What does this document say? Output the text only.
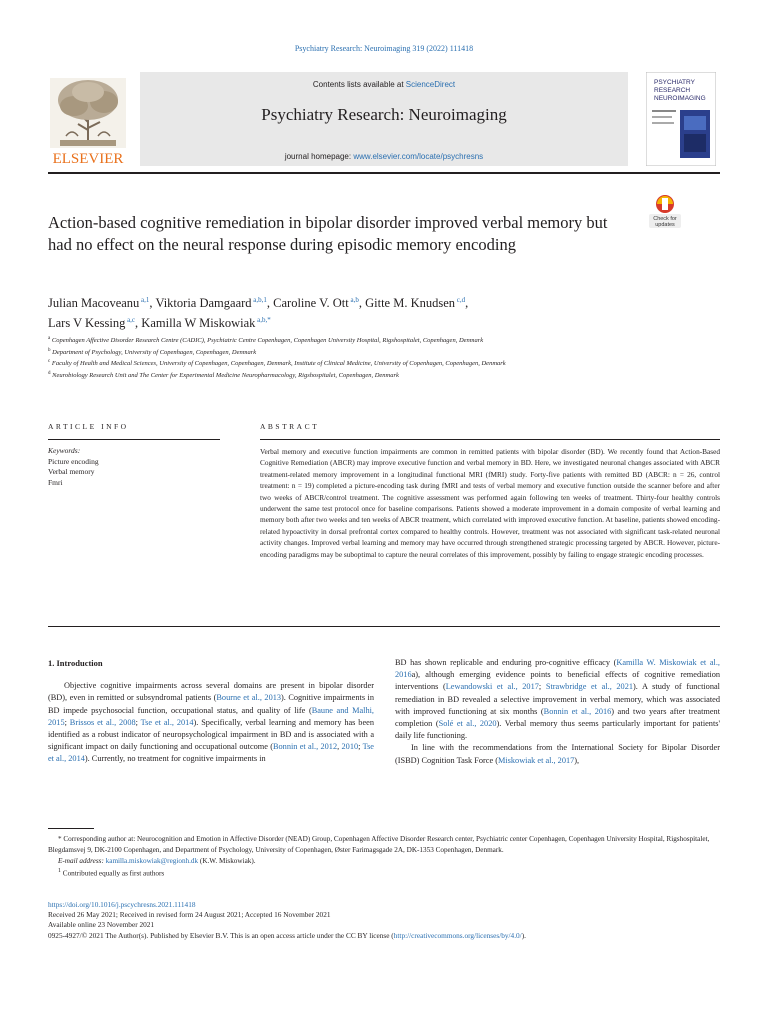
Psychiatry Research: Neuroimaging 319 (2022) 111418
ELSEVIER
Contents lists available at ScienceDirect
Psychiatry Research: Neuroimaging
journal homepage: www.elsevier.com/locate/psychresns
PSYCHIATRY
RESEARCH
NEUROIMAGING
Check for
updates
Action-based cognitive remediation in bipolar disorder improved verbal memory but had no effect on the neural response during episodic memory encoding
Julian Macoveanu $^{a,1}$, Viktoria Damgaard $^{a,b,1}$, Caroline V. Ott $^{a,b}$, Gitte M. Knudsen $^{c,d}$,
Lars V Kessing $^{a,c}$, Kamilla W Miskowiak $^{a,b,*}$
$^a$ Copenhagen Affective Disorder Research Centre (CADIC), Psychiatric Centre Copenhagen, Copenhagen University Hospital, Rigshospitalet, Copenhagen, Denmark
$^b$ Department of Psychology, University of Copenhagen, Copenhagen, Denmark
$^c$ Faculty of Health and Medical Sciences, University of Copenhagen, Copenhagen, Denmark, Institute of Clinical Medicine, University of Copenhagen, Copenhagen, Denmark
$^d$ Neurobiology Research Unit and The Center for Experimental Medicine Neuropharmacology, Rigshospitalet, Copenhagen, Denmark
ARTICLE INFO	ABSTRACT
Keywords:
Picture encoding
Verbal memory
Fmri
Verbal memory and executive function impairments are common in remitted patients with bipolar disorder (BD). We recently found that Action-Based Cognitive Remediation (ABCR) may improve executive function and verbal memory in BD. Here, we investigated neuronal changes associated with ABCR treatment-related memory improvement in a longitudinal functional MRI (fMRI) study. Forty-five patients with remitted BD (ABCR: n = 26, control treatment: n = 19) completed a picture-encoding task during fMRI and tests of verbal memory and executive function outside the scanner before and after two weeks of ABCR/control treatment. The cognitive assessment was performed again following ten weeks of treatment. Thirty-four healthy controls underwent the same test protocol once for baseline comparisons. Patients showed a moderate improvement in a domain composite of verbal learning and memory both after two weeks and ten weeks of ABCR treatment, which correlated with improved executive function. At baseline, patients showed encoding-related hypoactivity in dorsal prefrontal cortex compared to healthy controls. However, treatment was not associated with significant task-related neuronal activity changes. Improved verbal learning and memory may have occurred through strengthened strategic processing targeted by ABCR. However, picture-encoding paradigms may be suboptimal to capture the neural correlates of this improvement, possibly by failing to engage strategic encoding processes.
1. Introduction

Objective cognitive impairments across several domains are present in bipolar disorder (BD), even in remitted or subsyndromal patients (Bourne et al., 2013). Cognitive impairments in BD impede psychosocial function, occupational status, and quality of life (Baune and Malhi, 2015; Brissos et al., 2008; Tse et al., 2014). Specifically, verbal learning and memory has been identified as a robust indicator of neuropsychological impairment in BD and is associated with a significant impact on daily functioning and occupational outcome (Bonnin et al., 2012, 2010; Tse et al., 2014). Currently, no treatment for cognitive impairments in

BD has shown replicable and enduring pro-cognitive efficacy (Kamilla W. Miskowiak et al., 2016a), although emerging evidence points to beneficial effects of cognitive remediation interventions (Lewandowski et al., 2017; Strawbridge et al., 2021). A study of functional remediation in BD revealed a selective improvement in verbal memory, which was associated with improved functioning at six months (Bonnin et al., 2016) and two years after treatment completion (Solé et al., 2020). Verbal memory thus seems particularly important for patients' daily life functioning.

In line with the recommendations from the International Society for Bipolar Disorder (ISBD) Cognition Task Force (Miskowiak et al., 2017),

* Corresponding author at: Neurocognition and Emotion in Affective Disorder (NEAD) Group, Copenhagen Affective Disorder Research center, Psychiatric center Copenhagen, Copenhagen University Hospital, Rigshospitalet, Blegdamsvej 9, DK-2100 Copenhagen, and Department of Psychology, University of Copenhagen, Øster Farimagsgade 2A, DK-1353 Copenhagen, Denmark.

E-mail address: kamilla.miskowiak@regionh.dk (K.W. Miskowiak).

$^1$ Contributed equally as first authors

https://doi.org/10.1016/j.pscychresns.2021.111418
Received 26 May 2021; Received in revised form 24 August 2021; Accepted 16 November 2021
Available online 23 November 2021
0925-4927/© 2021 The Author(s). Published by Elsevier B.V. This is an open access article under the CC BY license (http://creativecommons.org/licenses/by/4.0/).
